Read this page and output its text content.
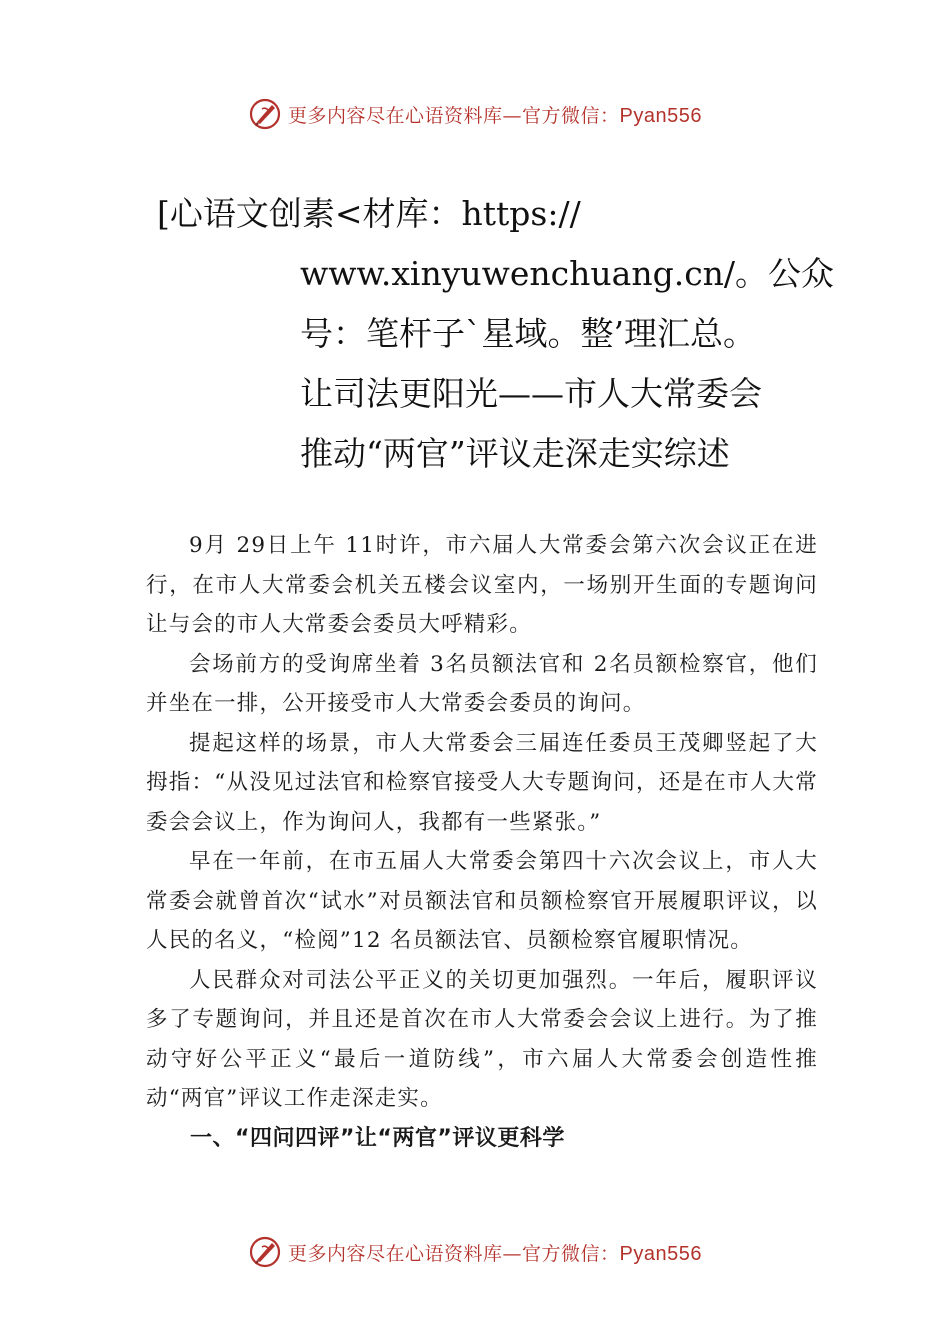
更多内容尽在心语资料库—官方微信：Pyan556
[心语文创素<材库：https://
www.xinyuwenchuang.cn/。公众
号：笔杆子`星域。整’理汇总。
让司法更阳光——市人大常委会
推动“两官”评议走深走实综述

9月 29日上午 11时许，市六届人大常委会第六次会议正在进行，在市人大常委会机关五楼会议室内，一场别开生面的专题询问让与会的市人大常委会委员大呼精彩。

会场前方的受询席坐着 3名员额法官和 2名员额检察官，他们并坐在一排，公开接受市人大常委会委员的询问。

提起这样的场景，市人大常委会三届连任委员王茂卿竖起了大拇指：“从没见过法官和检察官接受人大专题询问，还是在市人大常委会会议上，作为询问人，我都有一些紧张。”

早在一年前，在市五届人大常委会第四十六次会议上，市人大常委会就曾首次“试水”对员额法官和员额检察官开展履职评议，以人民的名义，“检阅”12 名员额法官、员额检察官履职情况。

人民群众对司法公平正义的关切更加强烈。一年后，履职评议多了专题询问，并且还是首次在市人大常委会会议上进行。为了推动守好公平正义“最后一道防线”，市六届人大常委会创造性推动“两官”评议工作走深走实。

一、“四问四评”让“两官”评议更科学
更多内容尽在心语资料库—官方微信：Pyan556
